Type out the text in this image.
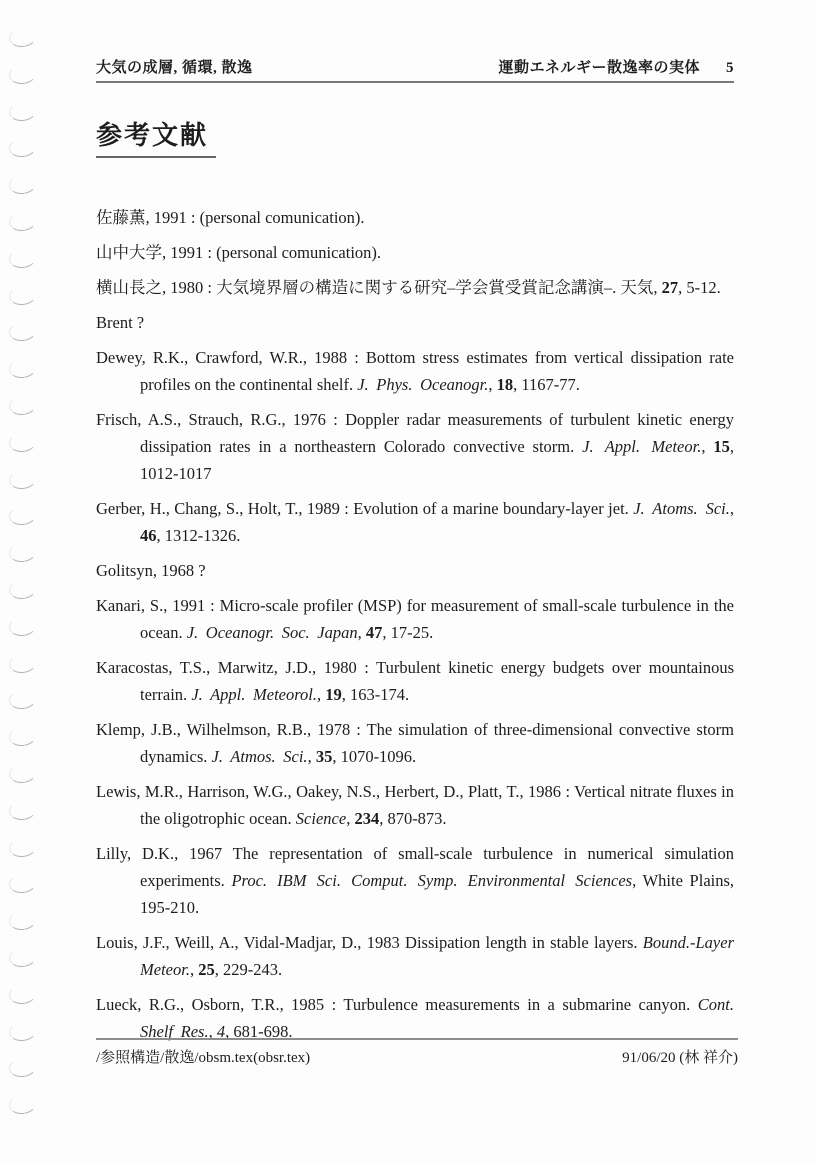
大気の成層, 循環, 散逸	運動エネルギー散逸率の実体 5
参考文献

佐藤薫, 1991 : (personal comunication).

山中大学, 1991 : (personal comunication).

横山長之, 1980 : 大気境界層の構造に関する研究–学会賞受賞記念講演–. 天気, 27, 5-12.

Brent ?

Dewey, R.K., Crawford, W.R., 1988 : Bottom stress estimates from vertical dissipation rate profiles on the continental shelf. J. Phys. Oceanogr., 18, 1167-77.

Frisch, A.S., Strauch, R.G., 1976 : Doppler radar measurements of turbulent kinetic energy dissipation rates in a northeastern Colorado convective storm. J. Appl. Meteor., 15, 1012-1017

Gerber, H., Chang, S., Holt, T., 1989 : Evolution of a marine boundary-layer jet. J. Atoms. Sci., 46, 1312-1326.

Golitsyn, 1968 ?

Kanari, S., 1991 : Micro-scale profiler (MSP) for measurement of small-scale turbulence in the ocean. J. Oceanogr. Soc. Japan, 47, 17-25.

Karacostas, T.S., Marwitz, J.D., 1980 : Turbulent kinetic energy budgets over mountainous terrain. J. Appl. Meteorol., 19, 163-174.

Klemp, J.B., Wilhelmson, R.B., 1978 : The simulation of three-dimensional convective storm dynamics. J. Atmos. Sci., 35, 1070-1096.

Lewis, M.R., Harrison, W.G., Oakey, N.S., Herbert, D., Platt, T., 1986 : Vertical nitrate fluxes in the oligotrophic ocean. Science, 234, 870-873.

Lilly, D.K., 1967 The representation of small-scale turbulence in numerical simulation experiments. Proc. IBM Sci. Comput. Symp. Environmental Sciences, White Plains, 195-210.

Louis, J.F., Weill, A., Vidal-Madjar, D., 1983 Dissipation length in stable layers. Bound.-Layer Meteor., 25, 229-243.

Lueck, R.G., Osborn, T.R., 1985 : Turbulence measurements in a submarine canyon. Cont. Shelf Res., 4, 681-698.

/参照構造/散逸/obsm.tex(obsr.tex)	91/06/20 (林 祥介)
